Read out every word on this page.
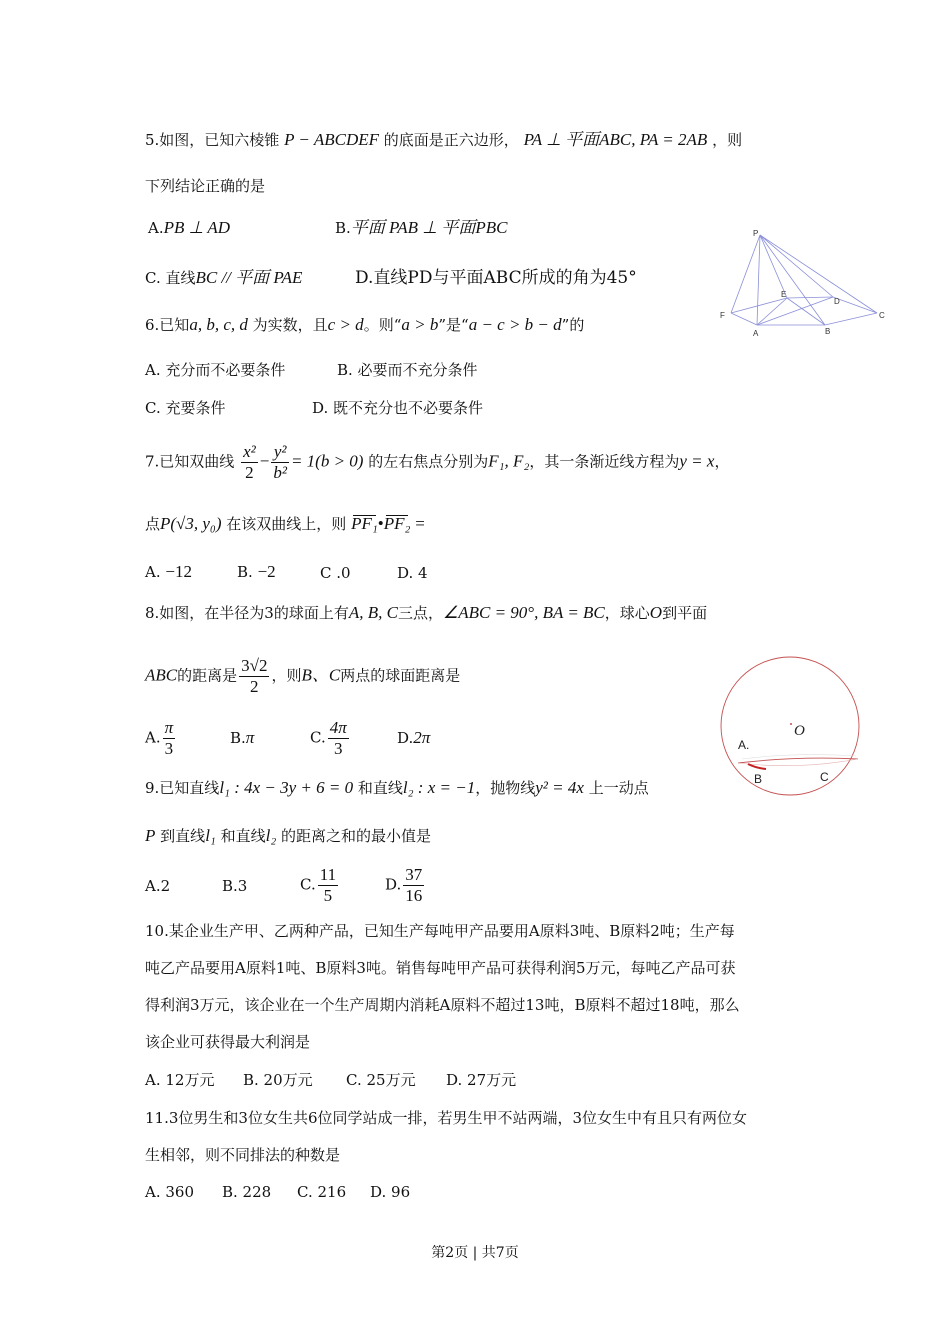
5.如图，已知六棱锥 P − ABCDEF 的底面是正六边形， PA ⊥ 平面ABC, PA = 2AB ，则
下列结论正确的是
A.PB ⊥ AD	B.平面 PAB ⊥ 平面PBC
C. 直线BC // 平面 PAE	D.直线PD与平面ABC所成的角为45°
P
E
D
F
A	B
C
6.已知a, b, c, d 为实数，且c > d。则“a > b”是“a − c > b − d”的
A. 充分而不必要条件	B. 必要而不充分条件
C. 充要条件	D. 既不充分也不必要条件
7.已知双曲线 $\frac{\text{x²}}{2} - \frac{\text{y²}}{\text{b²}} = 1(b > 0)$ 的左右焦点分别为F₁, F₂，其一条渐近线方程为y = x，
点P(√3, y₀) 在该双曲线上，则 PF₁•PF₂ =
A. −12	B. −2	C .0	D. 4
8.如图，在半径为3的球面上有A, B, C三点，∠ABC = 90°, BA = BC，球心O到平面
ABC的距离是 $\frac{3√2}{2}$ ，则B、C两点的球面距离是
A. $\frac{\pi}{3}$	B.π	C. $\frac{4\pi}{3}$	D.2π	O
A.
B	C
9.已知直线l₁ : 4x − 3y + 6 = 0 和直线l₂ : x = −1，抛物线y² = 4x 上一动点
P 到直线l₁ 和直线l₂ 的距离之和的最小值是
A.2	B.3	C. $\frac{11}{5}$	D. $\frac{37}{16}$
10.某企业生产甲、乙两种产品，已知生产每吨甲产品要用A原料3吨、B原料2吨；生产每
吨乙产品要用A原料1吨、B原料3吨。销售每吨甲产品可获得利润5万元，每吨乙产品可获
得利润3万元，该企业在一个生产周期内消耗A原料不超过13吨，B原料不超过18吨，那么
该企业可获得最大利润是
A. 12万元 B. 20万元 C. 25万元 D. 27万元
11.3位男生和3位女生共6位同学站成一排，若男生甲不站两端，3位女生中有且只有两位女
生相邻，则不同排法的种数是
A. 360 B. 228 C. 216 D. 96
第2页 | 共7页
